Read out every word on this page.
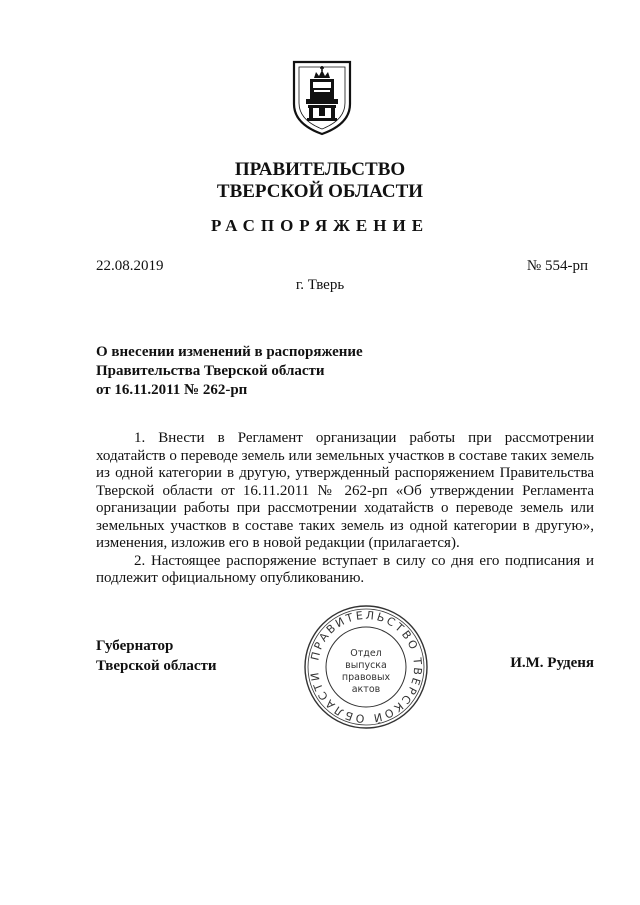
ПРАВИТЕЛЬСТВО
ТВЕРСКОЙ ОБЛАСТИ
РАСПОРЯЖЕНИЕ
22.08.2019	№ 554-рп
г. Тверь
О внесении изменений в распоряжение
Правительства Тверской области
от 16.11.2011 № 262-рп

1. Внести в Регламент организации работы при рассмотрении ходатайств о переводе земель или земельных участков в составе таких земель из одной категории в другую, утвержденный распоряжением Правительства Тверской области от 16.11.2011 № 262-рп «Об утверждении Регламента организации работы при рассмотрении ходатайств о переводе земель или земельных участков в составе таких земель из одной категории в другую», изменения, изложив его в новой редакции (прилагается).

2. Настоящее распоряжение вступает в силу со дня его подписания и подлежит официальному опубликованию.

Губернатор
Тверской области	И.М. Руденя
ПРАВИТЕЛЬСТВО ТВЕРСКОЙ ОБЛАСТИ
Отдел
выпуска
правовых
актов
